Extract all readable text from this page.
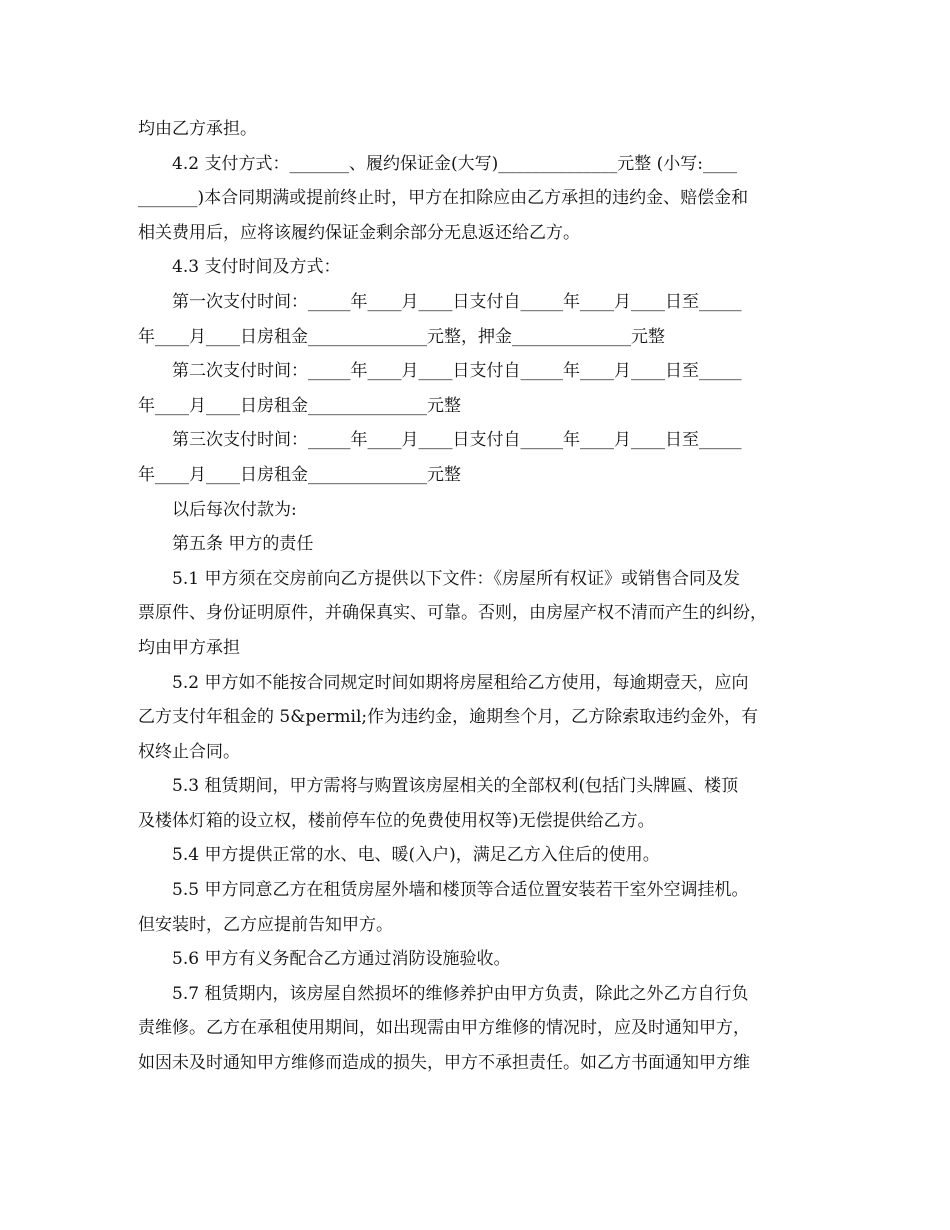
均由乙方承担。
4.2 支付方式：_______、履约保证金(大写)______________元整 (小写:____
_______)本合同期满或提前终止时，甲方在扣除应由乙方承担的违约金、赔偿金和
相关费用后，应将该履约保证金剩余部分无息返还给乙方。
4.3 支付时间及方式：
第一次支付时间：_____年____月____日支付自_____年____月____日至_____
年____月____日房租金______________元整，押金______________元整
第二次支付时间：_____年____月____日支付自_____年____月____日至_____
年____月____日房租金______________元整
第三次支付时间：_____年____月____日支付自_____年____月____日至_____
年____月____日房租金______________元整
以后每次付款为:
第五条 甲方的责任
5.1 甲方须在交房前向乙方提供以下文件：《房屋所有权证》或销售合同及发
票原件、身份证明原件，并确保真实、可靠。否则，由房屋产权不清而产生的纠纷，
均由甲方承担
5.2 甲方如不能按合同规定时间如期将房屋租给乙方使用，每逾期壹天，应向
乙方支付年租金的 5&permil;作为违约金，逾期叁个月，乙方除索取违约金外，有
权终止合同。
5.3 租赁期间，甲方需将与购置该房屋相关的全部权利(包括门头牌匾、楼顶
及楼体灯箱的设立权，楼前停车位的免费使用权等)无偿提供给乙方。
5.4 甲方提供正常的水、电、暖(入户)，满足乙方入住后的使用。
5.5 甲方同意乙方在租赁房屋外墙和楼顶等合适位置安装若干室外空调挂机。
但安装时，乙方应提前告知甲方。
5.6 甲方有义务配合乙方通过消防设施验收。
5.7 租赁期内，该房屋自然损坏的维修养护由甲方负责，除此之外乙方自行负
责维修。乙方在承租使用期间，如出现需由甲方维修的情况时，应及时通知甲方，
如因未及时通知甲方维修而造成的损失，甲方不承担责任。如乙方书面通知甲方维
